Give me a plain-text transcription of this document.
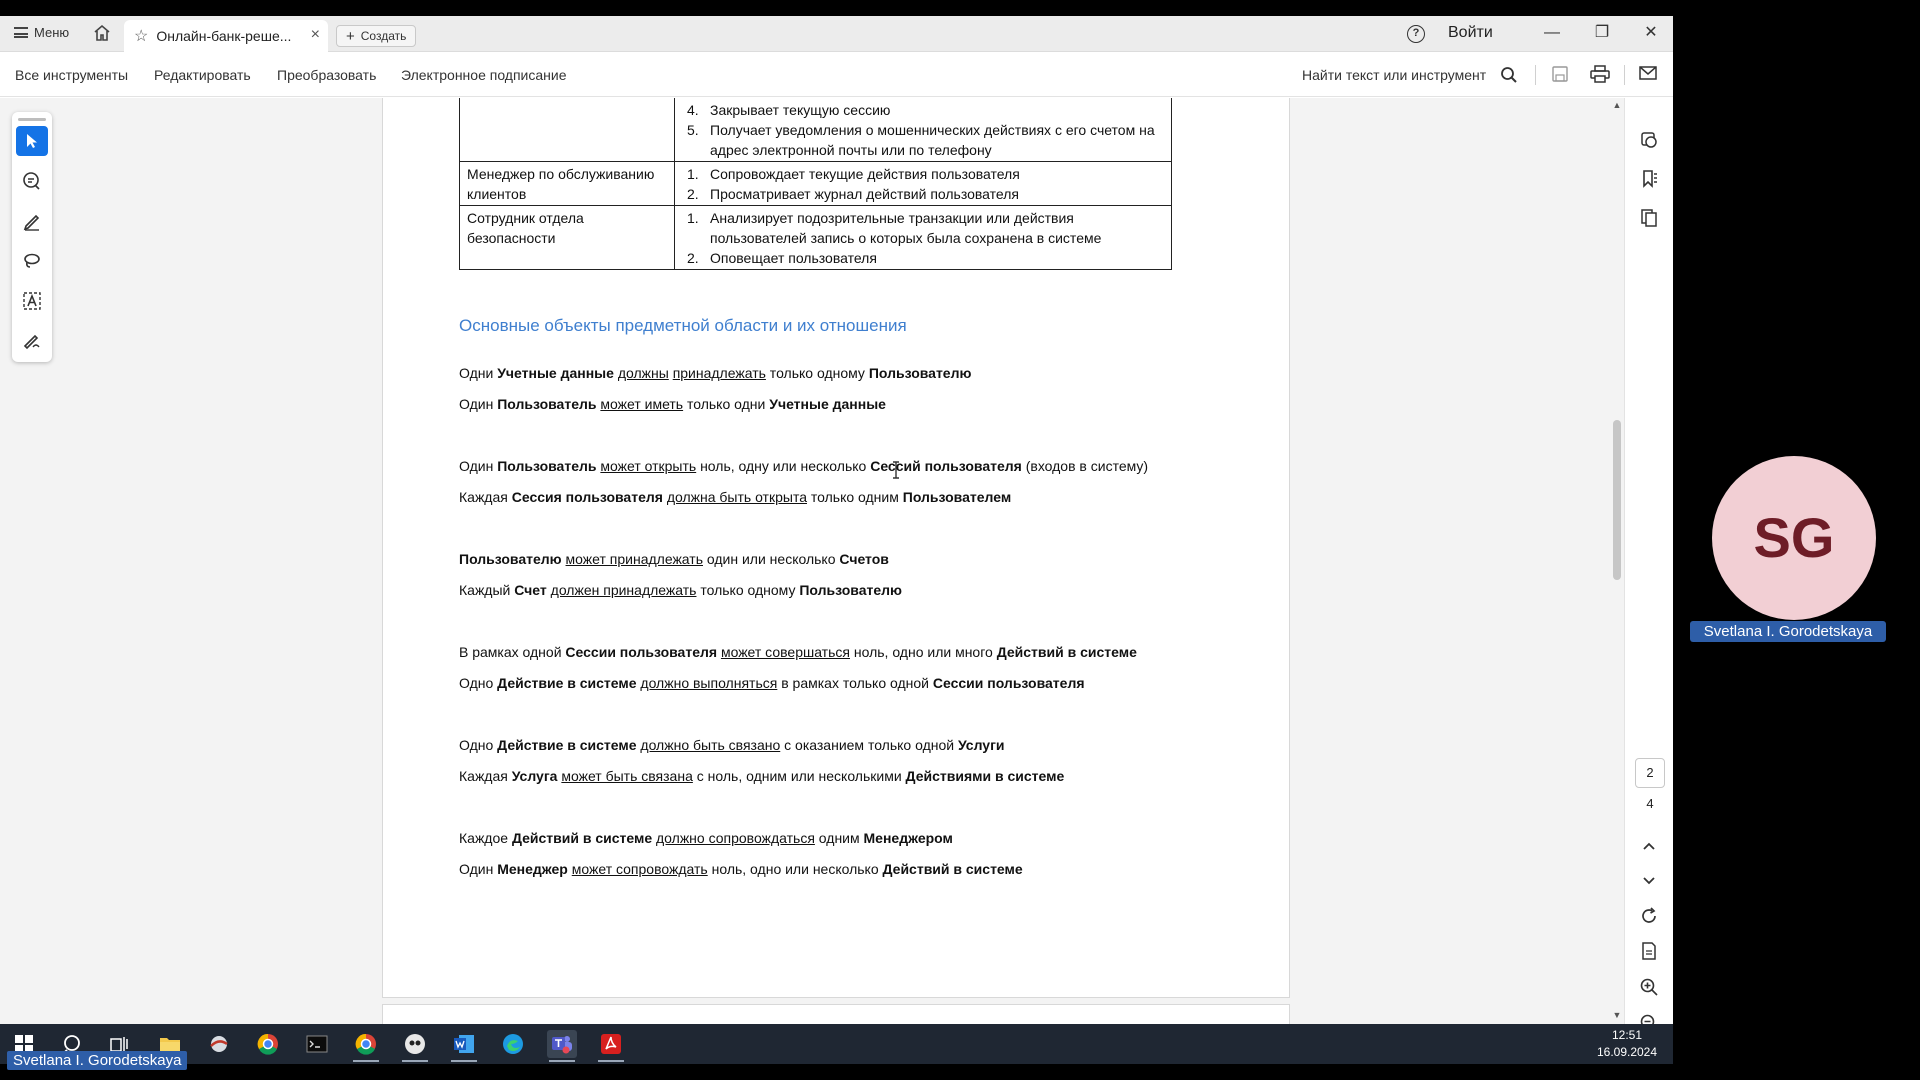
Меню	☆ Онлайн-банк-реше...	× + Создать	?	Войти	—	❐	✕
Все инструменты Редактировать Преобразовать Электронное подписание	Найти текст или инструмент

	4. Закрывает текущую сессию
5. Получает уведомления о мошеннических действиях с его счетом на адрес электронной почты или по телефону

Менеджер по обслуживанию клиентов	1. Сопровождает текущие действия пользователя
2. Просматривает журнал действий пользователя

Сотрудник отдела безопасности	1. Анализирует подозрительные транзакции или действия пользователей запись о которых была сохранена в системе
2. Оповещает пользователя
Основные объекты предметной области и их отношения
Одни Учетные данные должны принадлежать только одному Пользователю
Один Пользователь может иметь только одни Учетные данные
Один Пользователь может открыть ноль, одну или несколько Сессий пользователя (входов в систему)
Каждая Сессия пользователя должна быть открыта только одним Пользователем
Пользователю может принадлежать один или несколько Счетов
Каждый Счет должен принадлежать только одному Пользователю
В рамках одной Сессии пользователя может совершаться ноль, одно или много Действий в системе
Одно Действие в системе должно выполняться в рамках только одной Сессии пользователя
Одно Действие в системе должно быть связано с оказанием только одной Услуги
Каждая Услуга может быть связана с ноль, одним или несколькими Действиями в системе
Каждое Действий в системе должно сопровождаться одним Менеджером
Один Менеджер может сопровождать ноль, одно или несколько Действий в системе
▲
▼
2
4
12:51
16.09.2024
Svetlana I. Gorodetskaya
SG
Svetlana I. Gorodetskaya
